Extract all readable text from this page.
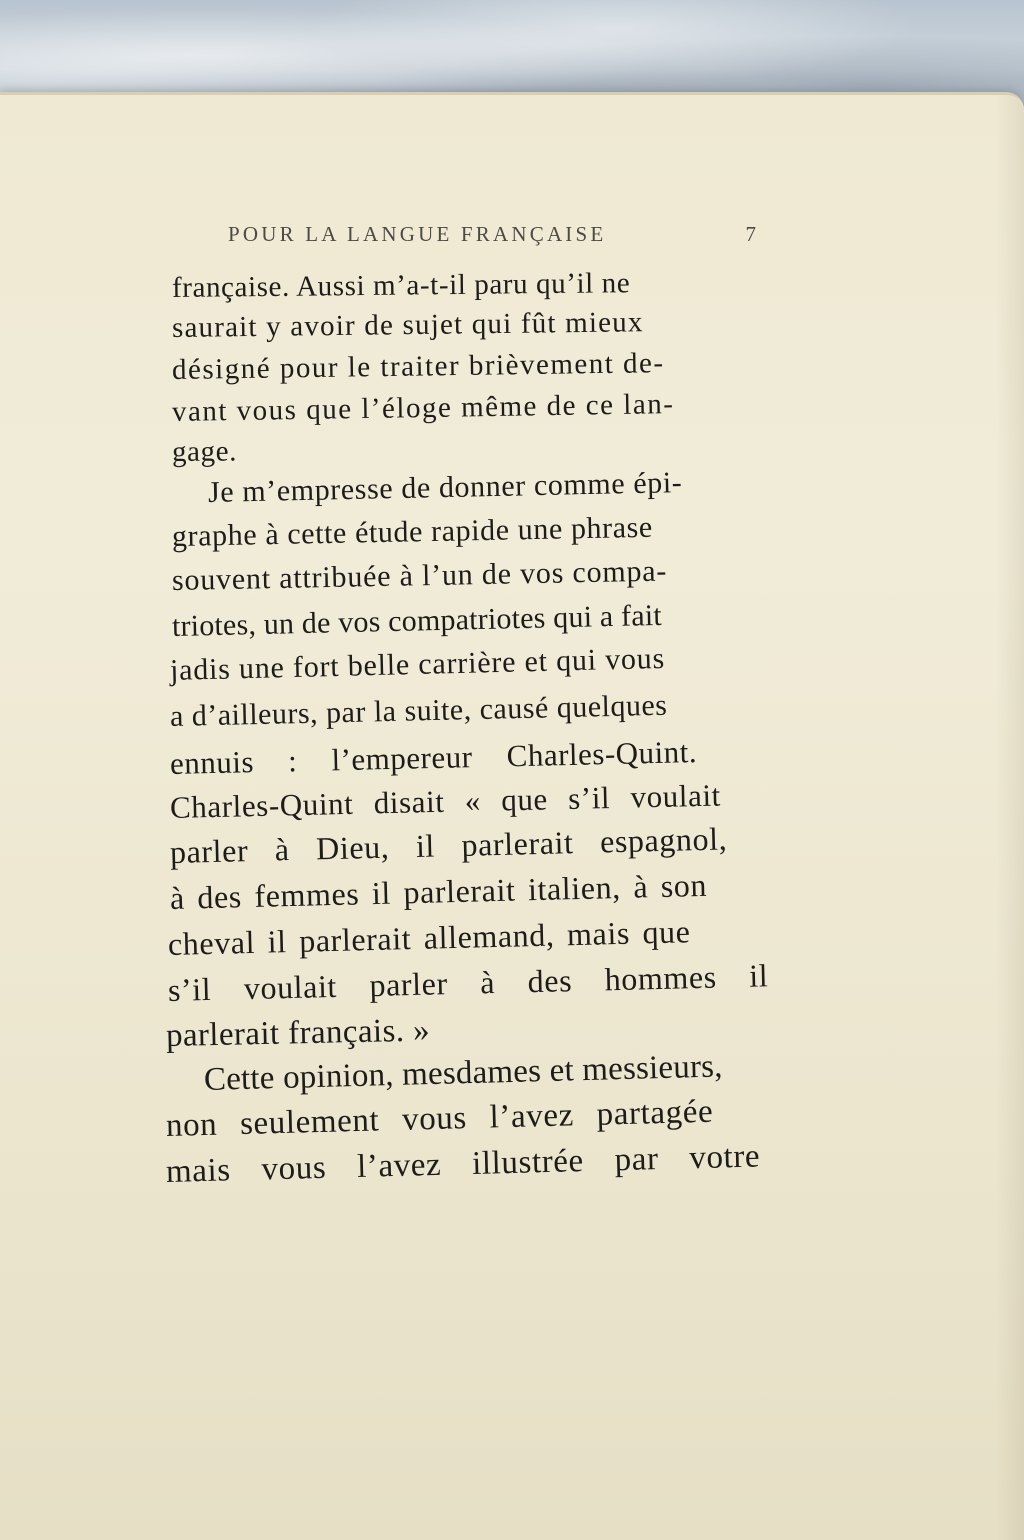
POUR LA LANGUE FRANÇAISE	7
française. Aussi m’a-t-il paru qu’il ne
saurait y avoir de sujet qui fût mieux
désigné pour le traiter brièvement de-
vant vous que l’éloge même de ce lan-
gage.
Je m’empresse de donner comme épi-
graphe à cette étude rapide une phrase
souvent attribuée à l’un de vos compa-
triotes, un de vos compatriotes qui a fait
jadis une fort belle carrière et qui vous
a d’ailleurs, par la suite, causé quelques
ennuis : l’empereur Charles-Quint.
Charles-Quint disait « que s’il voulait
parler à Dieu, il parlerait espagnol,
à des femmes il parlerait italien, à son
cheval il parlerait allemand, mais que
s’il voulait parler à des hommes il
parlerait français. »
Cette opinion, mesdames et messieurs,
non seulement vous l’avez partagée
mais vous l’avez illustrée par votre
